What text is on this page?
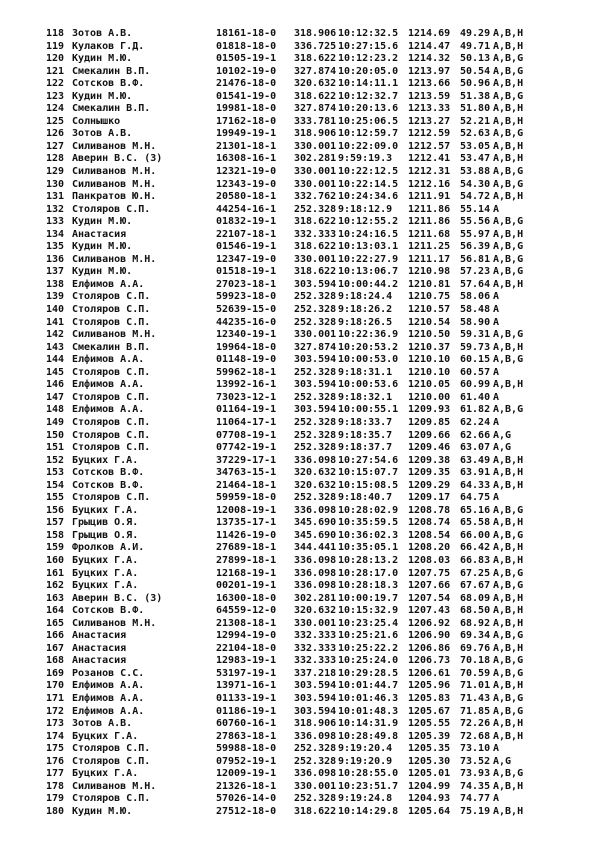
118	Зотов А.В.	18161-18-0	318.906	10:12:32.5	1214.69	49.29	A,B,H
119	Кулаков Г.Д.	01818-18-0	336.725	10:27:15.6	1214.47	49.71	A,B,H
120	Кудин М.Ю.	01505-19-1	318.622	10:12:23.2	1214.32	50.13	A,B,G
121	Смекалин В.П.	10102-19-0	327.874	10:20:05.0	1213.97	50.54	A,B,G
122	Сотсков В.Ф.	21476-18-0	320.632	10:14:11.1	1213.66	50.96	A,B,H
123	Кудин М.Ю.	01541-19-0	318.622	10:12:32.7	1213.59	51.38	A,B,G
124	Смекалин В.П.	19981-18-0	327.874	10:20:13.6	1213.33	51.80	A,B,H
125	Солнышко	17162-18-0	333.781	10:25:06.5	1213.27	52.21	A,B,H
126	Зотов А.В.	19949-19-1	318.906	10:12:59.7	1212.59	52.63	A,B,G
127	Силиванов М.Н.	21301-18-1	330.001	10:22:09.0	1212.57	53.05	A,B,H
128	Аверин В.С. (З)	16308-16-1	302.281	9:59:19.3	1212.41	53.47	A,B,H
129	Силиванов М.Н.	12321-19-0	330.001	10:22:12.5	1212.31	53.88	A,B,G
130	Силиванов М.Н.	12343-19-0	330.001	10:22:14.5	1212.16	54.30	A,B,G
131	Панкратов Ю.Н.	20580-18-1	332.762	10:24:34.6	1211.91	54.72	A,B,H
132	Столяров С.П.	44254-16-1	252.328	9:18:12.9	1211.86	55.14	A
133	Кудин М.Ю.	01832-19-1	318.622	10:12:55.2	1211.86	55.56	A,B,G
134	Анастасия	22107-18-1	332.333	10:24:16.5	1211.68	55.97	A,B,H
135	Кудин М.Ю.	01546-19-1	318.622	10:13:03.1	1211.25	56.39	A,B,G
136	Силиванов М.Н.	12347-19-0	330.001	10:22:27.9	1211.17	56.81	A,B,G
137	Кудин М.Ю.	01518-19-1	318.622	10:13:06.7	1210.98	57.23	A,B,G
138	Елфимов А.А.	27023-18-1	303.594	10:00:44.2	1210.81	57.64	A,B,H
139	Столяров С.П.	59923-18-0	252.328	9:18:24.4	1210.75	58.06	A
140	Столяров С.П.	52639-15-0	252.328	9:18:26.2	1210.57	58.48	A
141	Столяров С.П.	44235-16-0	252.328	9:18:26.5	1210.54	58.90	A
142	Силиванов М.Н.	12340-19-1	330.001	10:22:36.9	1210.50	59.31	A,B,G
143	Смекалин В.П.	19964-18-0	327.874	10:20:53.2	1210.37	59.73	A,B,H
144	Елфимов А.А.	01148-19-0	303.594	10:00:53.0	1210.10	60.15	A,B,G
145	Столяров С.П.	59962-18-1	252.328	9:18:31.1	1210.10	60.57	A
146	Елфимов А.А.	13992-16-1	303.594	10:00:53.6	1210.05	60.99	A,B,H
147	Столяров С.П.	73023-12-1	252.328	9:18:32.1	1210.00	61.40	A
148	Елфимов А.А.	01164-19-1	303.594	10:00:55.1	1209.93	61.82	A,B,G
149	Столяров С.П.	11064-17-1	252.328	9:18:33.7	1209.85	62.24	A
150	Столяров С.П.	07708-19-1	252.328	9:18:35.7	1209.66	62.66	A,G
151	Столяров С.П.	07742-19-1	252.328	9:18:37.7	1209.46	63.07	A,G
152	Буцких Г.А.	37229-17-1	336.098	10:27:54.6	1209.38	63.49	A,B,H
153	Сотсков В.Ф.	34763-15-1	320.632	10:15:07.7	1209.35	63.91	A,B,H
154	Сотсков В.Ф.	21464-18-1	320.632	10:15:08.5	1209.29	64.33	A,B,H
155	Столяров С.П.	59959-18-0	252.328	9:18:40.7	1209.17	64.75	A
156	Буцких Г.А.	12008-19-1	336.098	10:28:02.9	1208.78	65.16	A,B,G
157	Грыцив О.Я.	13735-17-1	345.690	10:35:59.5	1208.74	65.58	A,B,H
158	Грыцив О.Я.	11426-19-0	345.690	10:36:02.3	1208.54	66.00	A,B,G
159	Фролков А.И.	27689-18-1	344.441	10:35:05.1	1208.20	66.42	A,B,H
160	Буцких Г.А.	27899-18-1	336.098	10:28:13.2	1208.03	66.83	A,B,H
161	Буцких Г.А.	12168-19-1	336.098	10:28:17.0	1207.75	67.25	A,B,G
162	Буцких Г.А.	00201-19-1	336.098	10:28:18.3	1207.66	67.67	A,B,G
163	Аверин В.С. (З)	16300-18-0	302.281	10:00:19.7	1207.54	68.09	A,B,H
164	Сотсков В.Ф.	64559-12-0	320.632	10:15:32.9	1207.43	68.50	A,B,H
165	Силиванов М.Н.	21308-18-1	330.001	10:23:25.4	1206.92	68.92	A,B,H
166	Анастасия	12994-19-0	332.333	10:25:21.6	1206.90	69.34	A,B,G
167	Анастасия	22104-18-0	332.333	10:25:22.2	1206.86	69.76	A,B,H
168	Анастасия	12983-19-1	332.333	10:25:24.0	1206.73	70.18	A,B,G
169	Розанов С.С.	53197-19-1	337.218	10:29:28.5	1206.61	70.59	A,B,G
170	Елфимов А.А.	13971-16-1	303.594	10:01:44.7	1205.96	71.01	A,B,H
171	Елфимов А.А.	01133-19-1	303.594	10:01:46.3	1205.83	71.43	A,B,G
172	Елфимов А.А.	01186-19-1	303.594	10:01:48.3	1205.67	71.85	A,B,G
173	Зотов А.В.	60760-16-1	318.906	10:14:31.9	1205.55	72.26	A,B,H
174	Буцких Г.А.	27863-18-1	336.098	10:28:49.8	1205.39	72.68	A,B,H
175	Столяров С.П.	59988-18-0	252.328	9:19:20.4	1205.35	73.10	A
176	Столяров С.П.	07952-19-1	252.328	9:19:20.9	1205.30	73.52	A,G
177	Буцких Г.А.	12009-19-1	336.098	10:28:55.0	1205.01	73.93	A,B,G
178	Силиванов М.Н.	21326-18-1	330.001	10:23:51.7	1204.99	74.35	A,B,H
179	Столяров С.П.	57026-14-0	252.328	9:19:24.8	1204.93	74.77	A
180	Кудин М.Ю.	27512-18-0	318.622	10:14:29.8	1205.64	75.19	A,B,H
